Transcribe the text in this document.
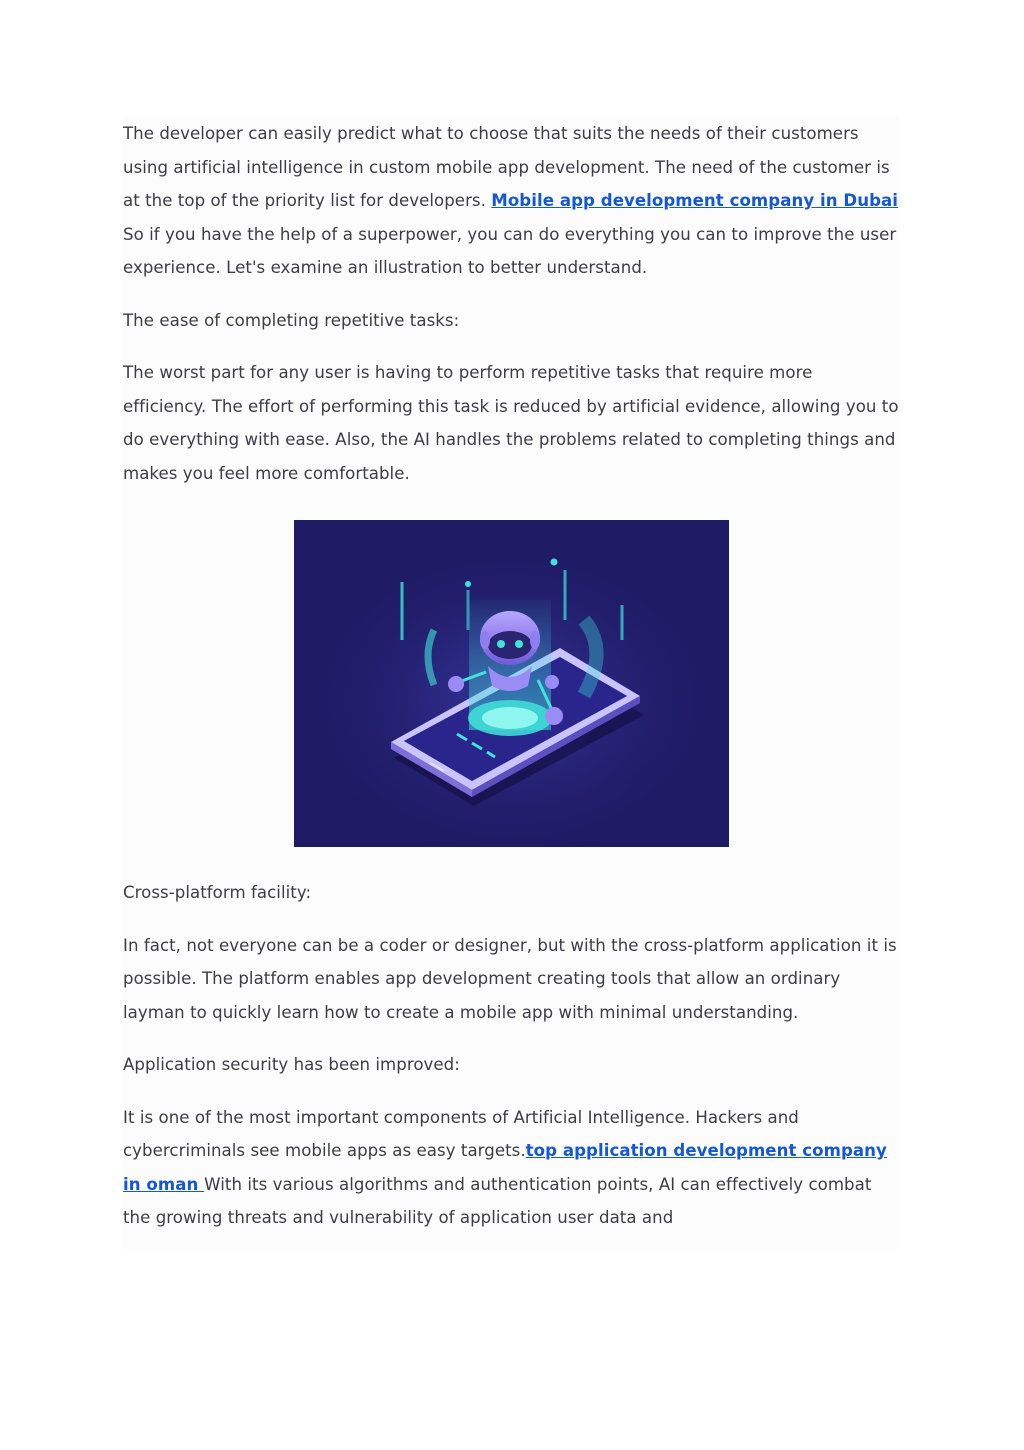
The developer can easily predict what to choose that suits the needs of their customers using artificial intelligence in custom mobile app development. The need of the customer is at the top of the priority list for developers. Mobile app development company in Dubai So if you have the help of a superpower, you can do everything you can to improve the user experience. Let's examine an illustration to better understand.

The ease of completing repetitive tasks:

The worst part for any user is having to perform repetitive tasks that require more efficiency. The effort of performing this task is reduced by artificial evidence, allowing you to do everything with ease. Also, the AI handles the problems related to completing things and makes you feel more comfortable.

Cross-platform facility:

In fact, not everyone can be a coder or designer, but with the cross-platform application it is possible. The platform enables app development creating tools that allow an ordinary layman to quickly learn how to create a mobile app with minimal understanding.

Application security has been improved:

It is one of the most important components of Artificial Intelligence. Hackers and cybercriminals see mobile apps as easy targets.top application development company in oman With its various algorithms and authentication points, AI can effectively combat the growing threats and vulnerability of application user data and
